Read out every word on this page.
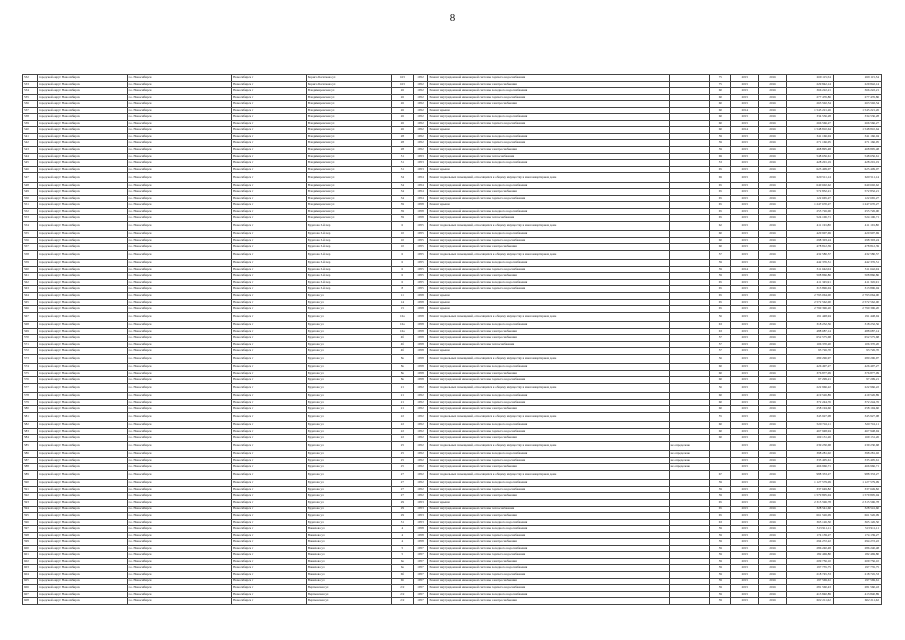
8
532	городской округ Новосибирск	г.о. Новосибирск	Новосибирск г	Бориса Богаткова ул	163	1952	Ремонт внутридомовой инженерной системы горячего водоснабжения		75	2015	2016	269 115,54	269 115,54
533	городской округ Новосибирск	г.о. Новосибирск	Новосибирск г	Бориса Богаткова ул	163	1952	Ремонт внутридомовой инженерной системы электроснабжения		75	2015	2016	229 842,14	229 842,14
534	городской округ Новосибирск	г.о. Новосибирск	Новосибирск г	Владимировская ул	26	1952	Ремонт внутридомовой инженерной системы холодного водоснабжения		60	2015	2016	366 222,21	366 222,21
535	городской округ Новосибирск	г.о. Новосибирск	Новосибирск г	Владимировская ул	26	1952	Ремонт внутридомовой инженерной системы горячего водоснабжения		60	2015	2016	277 476,86	277 476,86
536	городской округ Новосибирск	г.о. Новосибирск	Новосибирск г	Владимировская ул	26	1952	Ремонт внутридомовой инженерной системы электроснабжения		60	2015	2016	263 502,54	263 502,54
537	городской округ Новосибирск	г.о. Новосибирск	Новосибирск г	Владимировская ул	26	1952	Ремонт крыши		60	2014	2016	1 545 221,26	1 545 221,26
538	городской округ Новосибирск	г.о. Новосибирск	Новосибирск г	Владимировская ул	26	1952	Ремонт внутридомовой инженерной системы холодного водоснабжения		60	2015	2016	334 536,28	334 536,28
539	городской округ Новосибирск	г.о. Новосибирск	Новосибирск г	Владимировская ул	26	1952	Ремонт внутридомовой инженерной системы горячего водоснабжения		60	2015	2016	266 566,27	266 566,27
540	городской округ Новосибирск	г.о. Новосибирск	Новосибирск г	Владимировская ул	26	1952	Ремонт крыши		60	2014	2016	1 548 810,64	1 548 810,64
541	городской округ Новосибирск	г.о. Новосибирск	Новосибирск г	Владимировская ул	28	1952	Ремонт внутридомовой инженерной системы холодного водоснабжения		59	2015	2016	341 166,04	341 166,04
542	городской округ Новосибирск	г.о. Новосибирск	Новосибирск г	Владимировская ул	28	1952	Ремонт внутридомовой инженерной системы горячего водоснабжения		59	2015	2016	271 166,05	271 166,05
543	городской округ Новосибирск	г.о. Новосибирск	Новосибирск г	Владимировская ул	28	1952	Ремонт внутридомовой инженерной системы электроснабжения		59	2015	2016	468 895,48	468 895,48
544	городской округ Новосибирск	г.о. Новосибирск	Новосибирск г	Владимировская ул	31	1953	Ремонт внутридомовой инженерной системы теплоснабжения		69	2015	2016	548 656,61	548 656,61
545	городской округ Новосибирск	г.о. Новосибирск	Новосибирск г	Владимировская ул	31	1953	Ремонт внутридомовой инженерной системы холодного водоснабжения		53	2015	2016	428 201,19	428 201,19
546	городской округ Новосибирск	г.о. Новосибирск	Новосибирск г	Владимировская ул	31	1953	Ремонт крыши		65	2015	2016	625 409,07	625 409,07
547	городской округ Новосибирск	г.о. Новосибирск	Новосибирск г	Владимировская ул	34	1954	Ремонт подвальных помещений, относящихся к общему имуществу в многоквартирном доме		69	2015	2016	620 511,14	620 511,14
548	городской округ Новосибирск	г.о. Новосибирск	Новосибирск г	Владимировская ул	34	1954	Ремонт внутридомовой инженерной системы холодного водоснабжения		65	2015	2016	640 602,62	640 602,62
549	городской округ Новосибирск	г.о. Новосибирск	Новосибирск г	Владимировская ул	34	1954	Ремонт внутридомовой инженерной системы электроснабжения		65	2015	2016	572 832,21	572 832,21
550	городской округ Новосибирск	г.о. Новосибирск	Новосибирск г	Владимировская ул	34	1954	Ремонт внутридомовой инженерной системы горячего водоснабжения		65	2015	2016	122 665,27	122 665,27
551	городской округ Новосибирск	г.о. Новосибирск	Новосибирск г	Владимировская ул	39	1958	Ремонт крыши		65	2015	2016	1 247 670,27	1 247 670,27
552	городской округ Новосибирск	г.о. Новосибирск	Новосибирск г	Владимировская ул	39	1958	Ремонт внутридомовой инженерной системы холодного водоснабжения		65	2015	2016	255 726,00	255 726,00
553	городской округ Новосибирск	г.о. Новосибирск	Новосибирск г	Владимировская ул	39	1958	Ремонт внутридомовой инженерной системы теплоснабжения		65	2015	2016	524 106,71	524 106,71
554	городской округ Новосибирск	г.о. Новосибирск	Новосибирск г	Будагова 3-й пер	6	1955	Ремонт подвальных помещений, относящихся к общему имуществу в многоквартирном доме		62	2015	2016	411 191,80	411 191,80
555	городской округ Новосибирск	г.о. Новосибирск	Новосибирск г	Будагова 3-й пер	10	1955	Ремонт внутридомовой инженерной системы холодного водоснабжения		60	2015	2016	420 907,69	420 907,69
556	городской округ Новосибирск	г.о. Новосибирск	Новосибирск г	Будагова 3-й пер	10	1955	Ремонт внутридомовой инженерной системы горячего водоснабжения		60	2015	2016	298 303,24	298 303,24
557	городской округ Новосибирск	г.о. Новосибирск	Новосибирск г	Будагова 3-й пер	10	1955	Ремонт внутридомовой инженерной системы электроснабжения		60	2015	2016	478 812,39	478 812,39
558	городской округ Новосибирск	г.о. Новосибирск	Новосибирск г	Будагова 3-й пер	6	1955	Ремонт подвальных помещений, относящихся к общему имуществу в многоквартирном доме		57	2015	2016	432 580,57	432 580,57
559	городской округ Новосибирск	г.о. Новосибирск	Новосибирск г	Будагова 3-й пер	6	1955	Ремонт внутридомовой инженерной системы холодного водоснабжения		59	2015	2016	442 376,51	442 376,51
560	городской округ Новосибирск	г.о. Новосибирск	Новосибирск г	Будагова 3-й пер	6	1955	Ремонт внутридомовой инженерной системы горячего водоснабжения		59	2014	2016	311 642,04	311 642,04
561	городской округ Новосибирск	г.о. Новосибирск	Новосибирск г	Будагова 3-й пер	6	1955	Ремонт внутридомовой инженерной системы электроснабжения		59	2015	2016	508 866,86	508 866,86
562	городской округ Новосибирск	г.о. Новосибирск	Новосибирск г	Будагова 3-й пер	6	1955	Ремонт внутридомовой инженерной системы холодного водоснабжения		65	2015	2016	411 345,91	411 345,91
563	городской округ Новосибирск	г.о. Новосибирск	Новосибирск г	Будагова 3-й пер	8	1955	Ремонт внутридомовой инженерной системы горячего водоснабжения		65	2015	2016	313 896,04	313 896,04
564	городской округ Новосибирск	г.о. Новосибирск	Новосибирск г	Будагова ул	11	1958	Ремонт крыши		65	2015	2016	2 793 064,00	2 793 064,00
565	городской округ Новосибирск	г.о. Новосибирск	Новосибирск г	Будагова ул	14	1958	Ремонт крыши		65	2015	2016	2 572 562,00	2 572 562,00
566	городской округ Новосибирск	г.о. Новосибирск	Новосибирск г	Будагова ул	15	1958	Ремонт крыши		65	2015	2016	2 790 396,20	2 790 396,20
567	городской округ Новосибирск	г.о. Новосибирск	Новосибирск г	Будагова ул	16а	1958	Ремонт подвальных помещений, относящихся к общему имуществу в многоквартирном доме		56	2015	2016	191 448,94	191 448,94
568	городской округ Новосибирск	г.о. Новосибирск	Новосибирск г	Будагова ул	16а	1958	Ремонт внутридомовой инженерной системы холодного водоснабжения		63	2015	2016	318 232,56	318 232,56
569	городской округ Новосибирск	г.о. Новосибирск	Новосибирск г	Будагова ул	16а	1958	Ремонт внутридомовой инженерной системы электроснабжения		63	2015	2016	488 687,14	488 687,14
570	городской округ Новосибирск	г.о. Новосибирск	Новосибирск г	Будагова ул	4б	1958	Ремонт внутридомовой инженерной системы электроснабжения		57	2015	2016	652 575,68	652 575,68
571	городской округ Новосибирск	г.о. Новосибирск	Новосибирск г	Будагова ул	4б	1958	Ремонт внутридомовой инженерной системы теплоснабжения		57	2015	2016	106 370,20	106 370,20
572	городской округ Новосибирск	г.о. Новосибирск	Новосибирск г	Будагова ул	4б	1958	Ремонт крыши		57	2015	2016	93 726,70	93 726,70
573	городской округ Новосибирск	г.о. Новосибирск	Новосибирск г	Будагова ул	8а	1958	Ремонт подвальных помещений, относящихся к общему имуществу в многоквартирном доме		56	2015	2016	280 296,97	280 296,97
574	городской округ Новосибирск	г.о. Новосибирск	Новосибирск г	Будагова ул	8а	1958	Ремонт внутридомовой инженерной системы холодного водоснабжения		60	2015	2016	426 497,27	426 497,27
575	городской округ Новосибирск	г.о. Новосибирск	Новосибирск г	Будагова ул	8а	1958	Ремонт внутридомовой инженерной системы электроснабжения		60	2015	2016	376 877,09	376 877,09
576	городской округ Новосибирск	г.о. Новосибирск	Новосибирск г	Будагова ул	8а	1958	Ремонт внутридомовой инженерной системы горячего водоснабжения		60	2015	2016	97 299,21	97 299,21
577	городской округ Новосибирск	г.о. Новосибирск	Новосибирск г	Будагова ул	21	1952	Ремонт подвальных помещений, относящихся к общему имуществу в многоквартирном доме		56	2015	2016	222 966,22	222 966,22
578	городской округ Новосибирск	г.о. Новосибирск	Новосибирск г	Будагова ул	21	1952	Ремонт внутридомовой инженерной системы холодного водоснабжения		60	2015	2016	419 526,89	419 526,89
579	городской округ Новосибирск	г.о. Новосибирск	Новосибирск г	Будагова ул	21	1952	Ремонт внутридомовой инженерной системы горячего водоснабжения		60	2015	2016	372 244,76	372 244,76
580	городской округ Новосибирск	г.о. Новосибирск	Новосибирск г	Будагова ул	21	1952	Ремонт внутридомовой инженерной системы электроснабжения		60	2015	2016	258 194,60	258 194,60
581	городской округ Новосибирск	г.о. Новосибирск	Новосибирск г	Будагова ул	22	1952	Ремонт подвальных помещений, относящихся к общему имуществу в многоквартирном доме		55	2015	2016	345 927,08	345 927,08
582	городской округ Новосибирск	г.о. Новосибирск	Новосибирск г	Будагова ул	22	1952	Ремонт внутридомовой инженерной системы холодного водоснабжения		60	2015	2016	520 716,11	520 716,11
583	городской округ Новосибирск	г.о. Новосибирск	Новосибирск г	Будагова ул	22	1952	Ремонт внутридомовой инженерной системы горячего водоснабжения		60	2015	2016	467 948,94	467 948,94
584	городской округ Новосибирск	г.о. Новосибирск	Новосибирск г	Будагова ул	22	1952	Ремонт внутридомовой инженерной системы электроснабжения		60	2015	2016	169 131,26	169 131,26
585	городской округ Новосибирск	г.о. Новосибирск	Новосибирск г	Будагова ул	25	1952	Ремонт подвальных помещений, относящихся к общему имуществу в многоквартирном доме	не определено		2015	2016	239 230,68	239 230,68
586	городской округ Новосибирск	г.о. Новосибирск	Новосибирск г	Будагова ул	25	1952	Ремонт внутридомовой инженерной системы холодного водоснабжения	не определено		2015	2016	398 281,02	398 281,02
587	городской округ Новосибирск	г.о. Новосибирск	Новосибирск г	Будагова ул	25	1952	Ремонт внутридомовой инженерной системы горячего водоснабжения	не определено		2015	2016	335 405,61	335 405,61
588	городской округ Новосибирск	г.о. Новосибирск	Новосибирск г	Будагова ул	25	1952	Ремонт внутридомовой инженерной системы электроснабжения	не определено		2015	2016	466 966,71	466 966,71
589	городской округ Новосибирск	г.о. Новосибирск	Новосибирск г	Будагова ул	27	1952	Ремонт подвальных помещений, относящихся к общему имуществу в многоквартирном доме		67	2015	2016	988 333,27	988 333,27
590	городской округ Новосибирск	г.о. Новосибирск	Новосибирск г	Будагова ул	27	1952	Ремонт внутридомовой инженерной системы холодного водоснабжения		59	2015	2016	1 127 579,09	1 127 579,09
591	городской округ Новосибирск	г.о. Новосибирск	Новосибирск г	Будагова ул	27	1952	Ремонт внутридомовой инженерной системы горячего водоснабжения		59	2015	2016	337 649,82	337 649,82
592	городской округ Новосибирск	г.о. Новосибирск	Новосибирск г	Будагова ул	27	1952	Ремонт внутридомовой инженерной системы электроснабжения		59	2015	2016	1 579 805,04	1 579 805,04
593	городской округ Новосибирск	г.о. Новосибирск	Новосибирск г	Будагова ул	29	1953	Ремонт крыши		65	2015	2016	2 315 596,78	2 315 596,78
594	городской округ Новосибирск	г.о. Новосибирск	Новосибирск г	Будагова ул	29	1953	Ремонт внутридомовой инженерной системы теплоснабжения		65	2015	2016	328 541,60	328 541,60
595	городской округ Новосибирск	г.о. Новосибирск	Новосибирск г	Будагова ул	29	1953	Ремонт внутридомовой инженерной системы электроснабжения		65	2015	2016	661 526,09	661 526,09
596	городской округ Новосибирск	г.о. Новосибирск	Новосибирск г	Будагова ул	31	1953	Ремонт внутридомовой инженерной системы холодного водоснабжения		63	2015	2016	365 126,50	365 126,50
597	городской округ Новосибирск	г.о. Новосибирск	Новосибирск г	Вавилова ул	4	1958	Ремонт внутридомовой инженерной системы холодного водоснабжения		59	2015	2016	313 911,11	313 911,11
598	городской округ Новосибирск	г.о. Новосибирск	Новосибирск г	Вавилова ул	4	1958	Ремонт внутридомовой инженерной системы горячего водоснабжения		59	2015	2016	174 139,27	174 139,27
599	городской округ Новосибирск	г.о. Новосибирск	Новосибирск г	Вавилова ул	4	1958	Ремонт внутридомовой инженерной системы электроснабжения		59	2015	2016	294 272,22	294 272,22
600	городской округ Новосибирск	г.о. Новосибирск	Новосибирск г	Вавилова ул	5	1957	Ремонт внутридомовой инженерной системы холодного водоснабжения		59	2015	2016	286 240,48	286 240,48
601	городской округ Новосибирск	г.о. Новосибирск	Новосибирск г	Вавилова ул	5	1957	Ремонт внутридомовой инженерной системы горячего водоснабжения		59	2015	2016	182 469,80	182 469,80
602	городской округ Новосибирск	г.о. Новосибирск	Новосибирск г	Вавилова ул	6а	1957	Ремонт внутридомовой инженерной системы электроснабжения		59	2015	2016	209 756,10	209 756,10
603	городской округ Новосибирск	г.о. Новосибирск	Новосибирск г	Вавилова ул	6а	1957	Ремонт внутридомовой инженерной системы холодного водоснабжения		59	2015	2016	197 735,75	197 735,75
604	городской округ Новосибирск	г.о. Новосибирск	Новосибирск г	Вавилова ул	6б	1957	Ремонт внутридомовой инженерной системы горячего водоснабжения		59	2015	2016	218 745,53	218 745,53
605	городской округ Новосибирск	г.о. Новосибирск	Новосибирск г	Вавилова ул	6б	1957	Ремонт внутридомовой инженерной системы электроснабжения		59	2015	2016	197 569,61	197 569,61
606	городской округ Новосибирск	г.о. Новосибирск	Новосибирск г	Вертковская ул	2/2	1957	Ремонт внутридомовой инженерной системы горячего водоснабжения		59	2015	2016	281 560,43	281 560,43
607	городской округ Новосибирск	г.о. Новосибирск	Новосибирск г	Вертковская ул	2/2	1957	Ремонт внутридомовой инженерной системы холодного водоснабжения		59	2015	2016	413 840,89	413 840,89
608	городской округ Новосибирск	г.о. Новосибирск	Новосибирск г	Вертковская ул	2/2	1957	Ремонт внутридомовой инженерной системы электроснабжения		59	2015	2016	602 211,62	602 211,62
